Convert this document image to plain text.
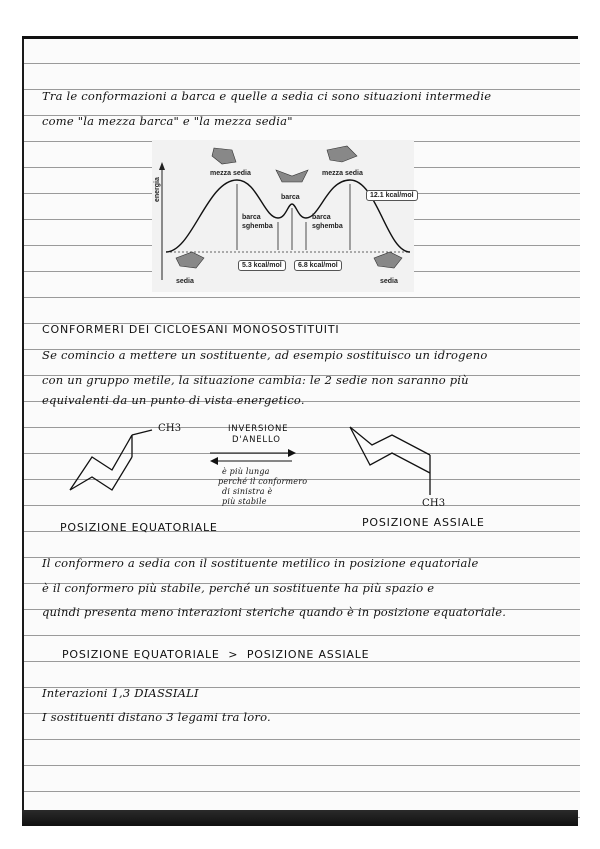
Tra le conformazioni a barca e quelle a sedia ci sono situazioni intermedie
come "la mezza barca" e "la mezza sedia"
energia
mezza sedia	mezza sedia
barca
barca
sghemba
barca
sghemba
sedia	sedia
12.1 kcal/mol
5.3 kcal/mol	6.8 kcal/mol
CONFORMERI DEI CICLOESANI MONOSOSTITUITI
Se comincio a mettere un sostituente, ad esempio sostituisco un idrogeno
con un gruppo metile, la situazione cambia: le 2 sedie non saranno più
equivalenti da un punto di vista energetico.
CH3
CH3
INVERSIONE
D'ANELLO
è più lunga
perché il conformero
di sinistra è
più stabile
POSIZIONE EQUATORIALE	POSIZIONE ASSIALE
Il conformero a sedia con il sostituente metilico in posizione equatoriale
è il conformero più stabile, perché un sostituente ha più spazio e
quindi presenta meno interazioni steriche quando è in posizione equatoriale.
POSIZIONE EQUATORIALE  >  POSIZIONE ASSIALE
Interazioni 1,3 DIASSIALI
I sostituenti distano 3 legami tra loro.
